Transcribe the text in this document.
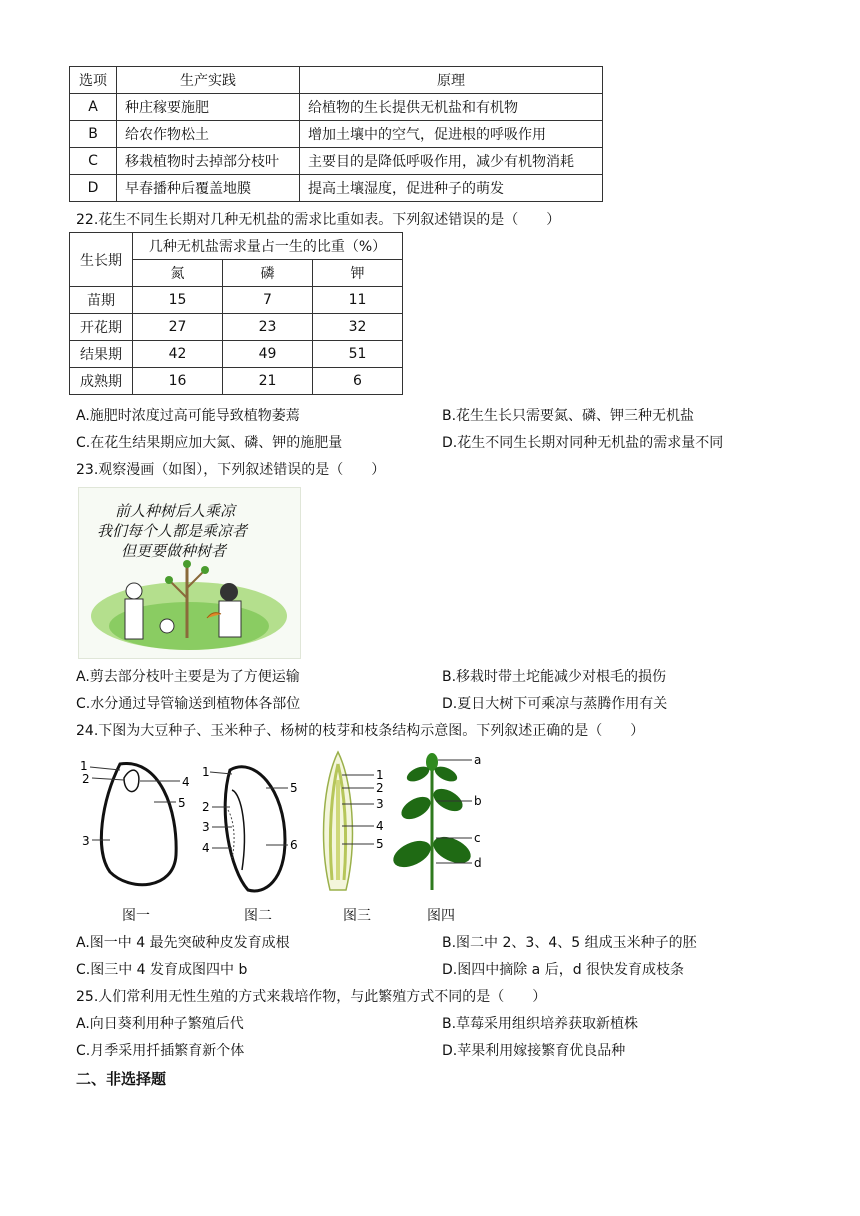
选项	生产实践	原理
A	种庄稼要施肥	给植物的生长提供无机盐和有机物
B	给农作物松土	增加土壤中的空气，促进根的呼吸作用
C	移栽植物时去掉部分枝叶	主要目的是降低呼吸作用，减少有机物消耗
D	早春播种后覆盖地膜	提高土壤湿度，促进种子的萌发
22.花生不同生长期对几种无机盐的需求比重如表。下列叙述错误的是（　　）
生长期	几种无机盐需求量占一生的比重（%）		
	氮	磷	钾
苗期	15	7	11
开花期	27	23	32
结果期	42	49	51
成熟期	16	21	6
A.施肥时浓度过高可能导致植物萎蔫	B.花生生长只需要氮、磷、钾三种无机盐
C.在花生结果期应加大氮、磷、钾的施肥量	D.花生不同生长期对同种无机盐的需求量不同
23.观察漫画（如图），下列叙述错误的是（　　）
前人种树后人乘凉
我们每个人都是乘凉者
但更要做种树者
A.剪去部分枝叶主要是为了方便运输	B.移栽时带土坨能减少对根毛的损伤
C.水分通过导管输送到植物体各部位	D.夏日大树下可乘凉与蒸腾作用有关
24.下图为大豆种子、玉米种子、杨树的枝芽和枝条结构示意图。下列叙述正确的是（　　）
1
2
3
4
5
1
2
3
4
5
6
1
2
3
4
5
a
b
c
d
图一	图二	图三	图四
A.图一中 4 最先突破种皮发育成根	B.图二中 2、3、4、5 组成玉米种子的胚
C.图三中 4 发育成图四中 b	D.图四中摘除 a 后，d 很快发育成枝条
25.人们常利用无性生殖的方式来栽培作物，与此繁殖方式不同的是（　　）
A.向日葵利用种子繁殖后代	B.草莓采用组织培养获取新植株
C.月季采用扦插繁育新个体	D.苹果利用嫁接繁育优良品种
二、非选择题
